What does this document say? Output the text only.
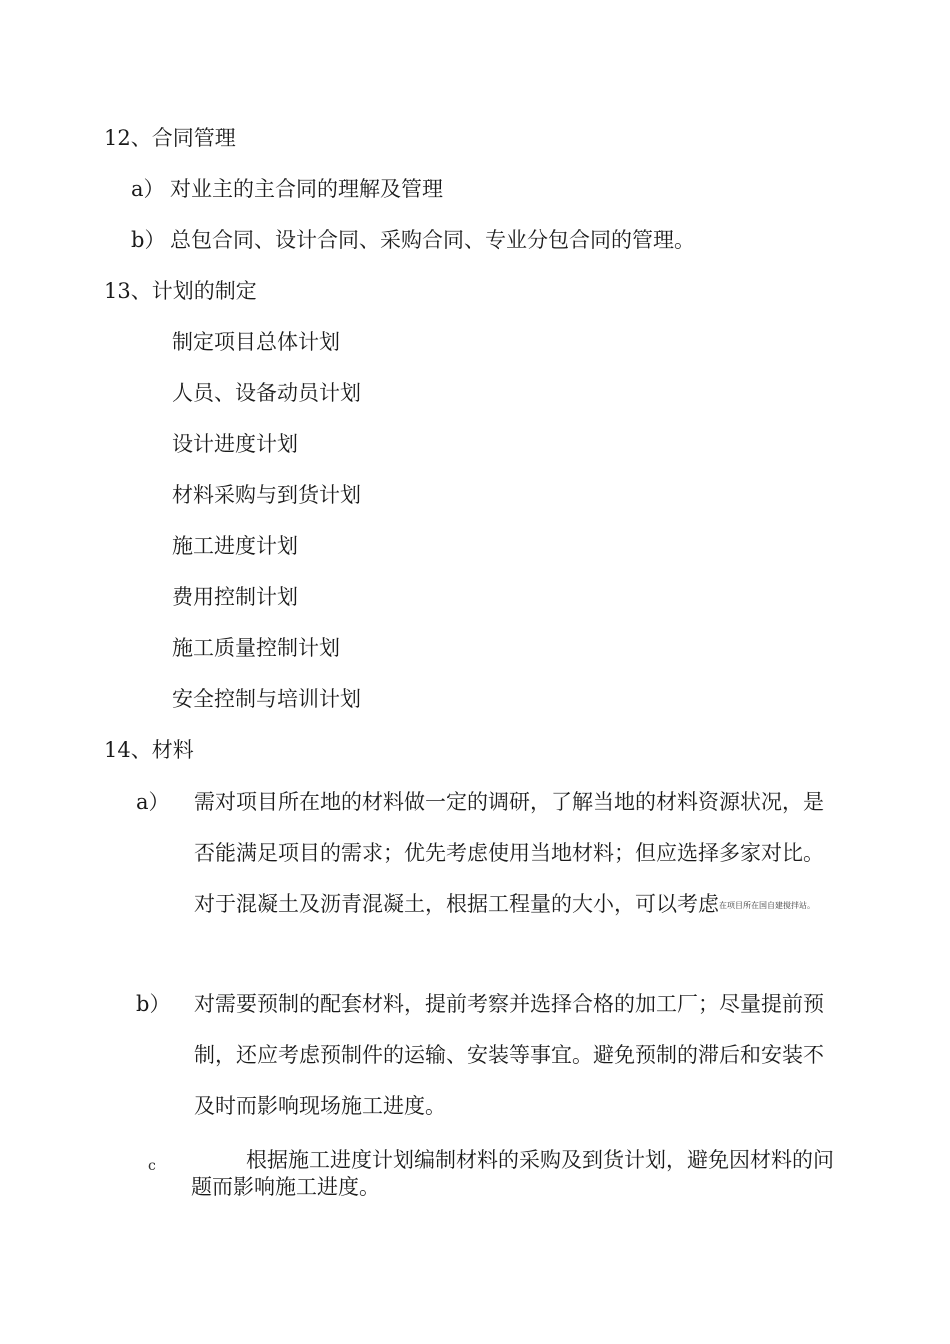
12、合同管理
a） 对业主的主合同的理解及管理
b） 总包合同、设计合同、采购合同、专业分包合同的管理。
13、计划的制定
制定项目总体计划
人员、设备动员计划
设计进度计划
材料采购与到货计划
施工进度计划
费用控制计划
施工质量控制计划
安全控制与培训计划
14、材料
a） 需对项目所在地的材料做一定的调研，了解当地的材料资源状况，是
否能满足项目的需求；优先考虑使用当地材料；但应选择多家对比。
对于混凝土及沥青混凝土，根据工程量的大小，可以考虑在项目所在国自建搅拌站。
b） 对需要预制的配套材料，提前考察并选择合格的加工厂；尽量提前预
制，还应考虑预制件的运输、安装等事宜。避免预制的滞后和安装不
及时而影响现场施工进度。
c	根据施工进度计划编制材料的采购及到货计划，避免因材料的问
题而影响施工进度。
